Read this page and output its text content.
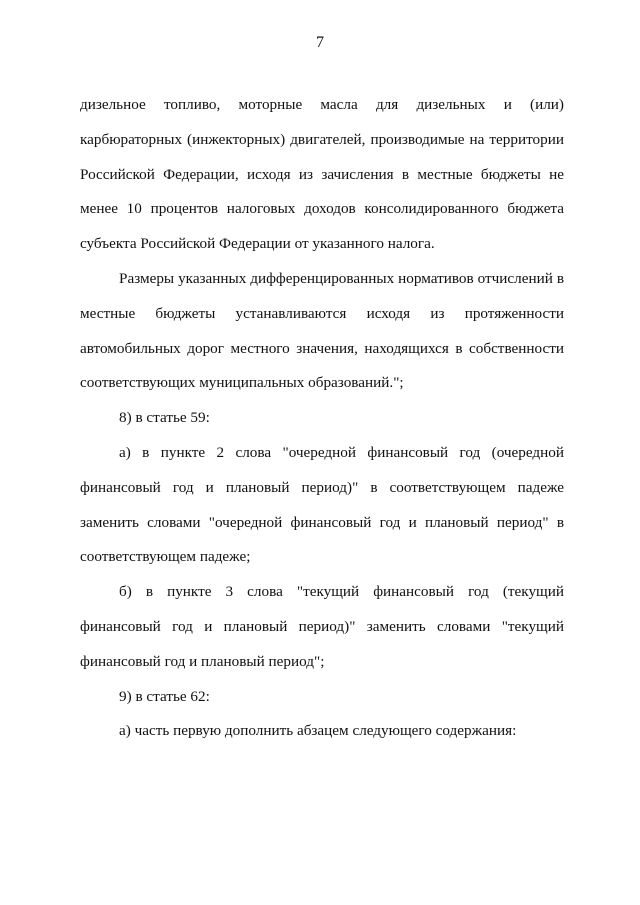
7

дизельное топливо, моторные масла для дизельных и (или) карбюраторных (инжекторных) двигателей, производимые на территории Российской Федерации, исходя из зачисления в местные бюджеты не менее 10 процентов налоговых доходов консолидированного бюджета субъекта Российской Федерации от указанного налога.

Размеры указанных дифференцированных нормативов отчислений в местные бюджеты устанавливаются исходя из протяженности автомобильных дорог местного значения, находящихся в собственности соответствующих муниципальных образований.";

8) в статье 59:

а) в пункте 2 слова "очередной финансовый год (очередной финансовый год и плановый период)" в соответствующем падеже заменить словами "очередной финансовый год и плановый период" в соответствующем падеже;

б) в пункте 3 слова "текущий финансовый год (текущий финансовый год и плановый период)" заменить словами "текущий финансовый год и плановый период";

9) в статье 62:

а) часть первую дополнить абзацем следующего содержания:
